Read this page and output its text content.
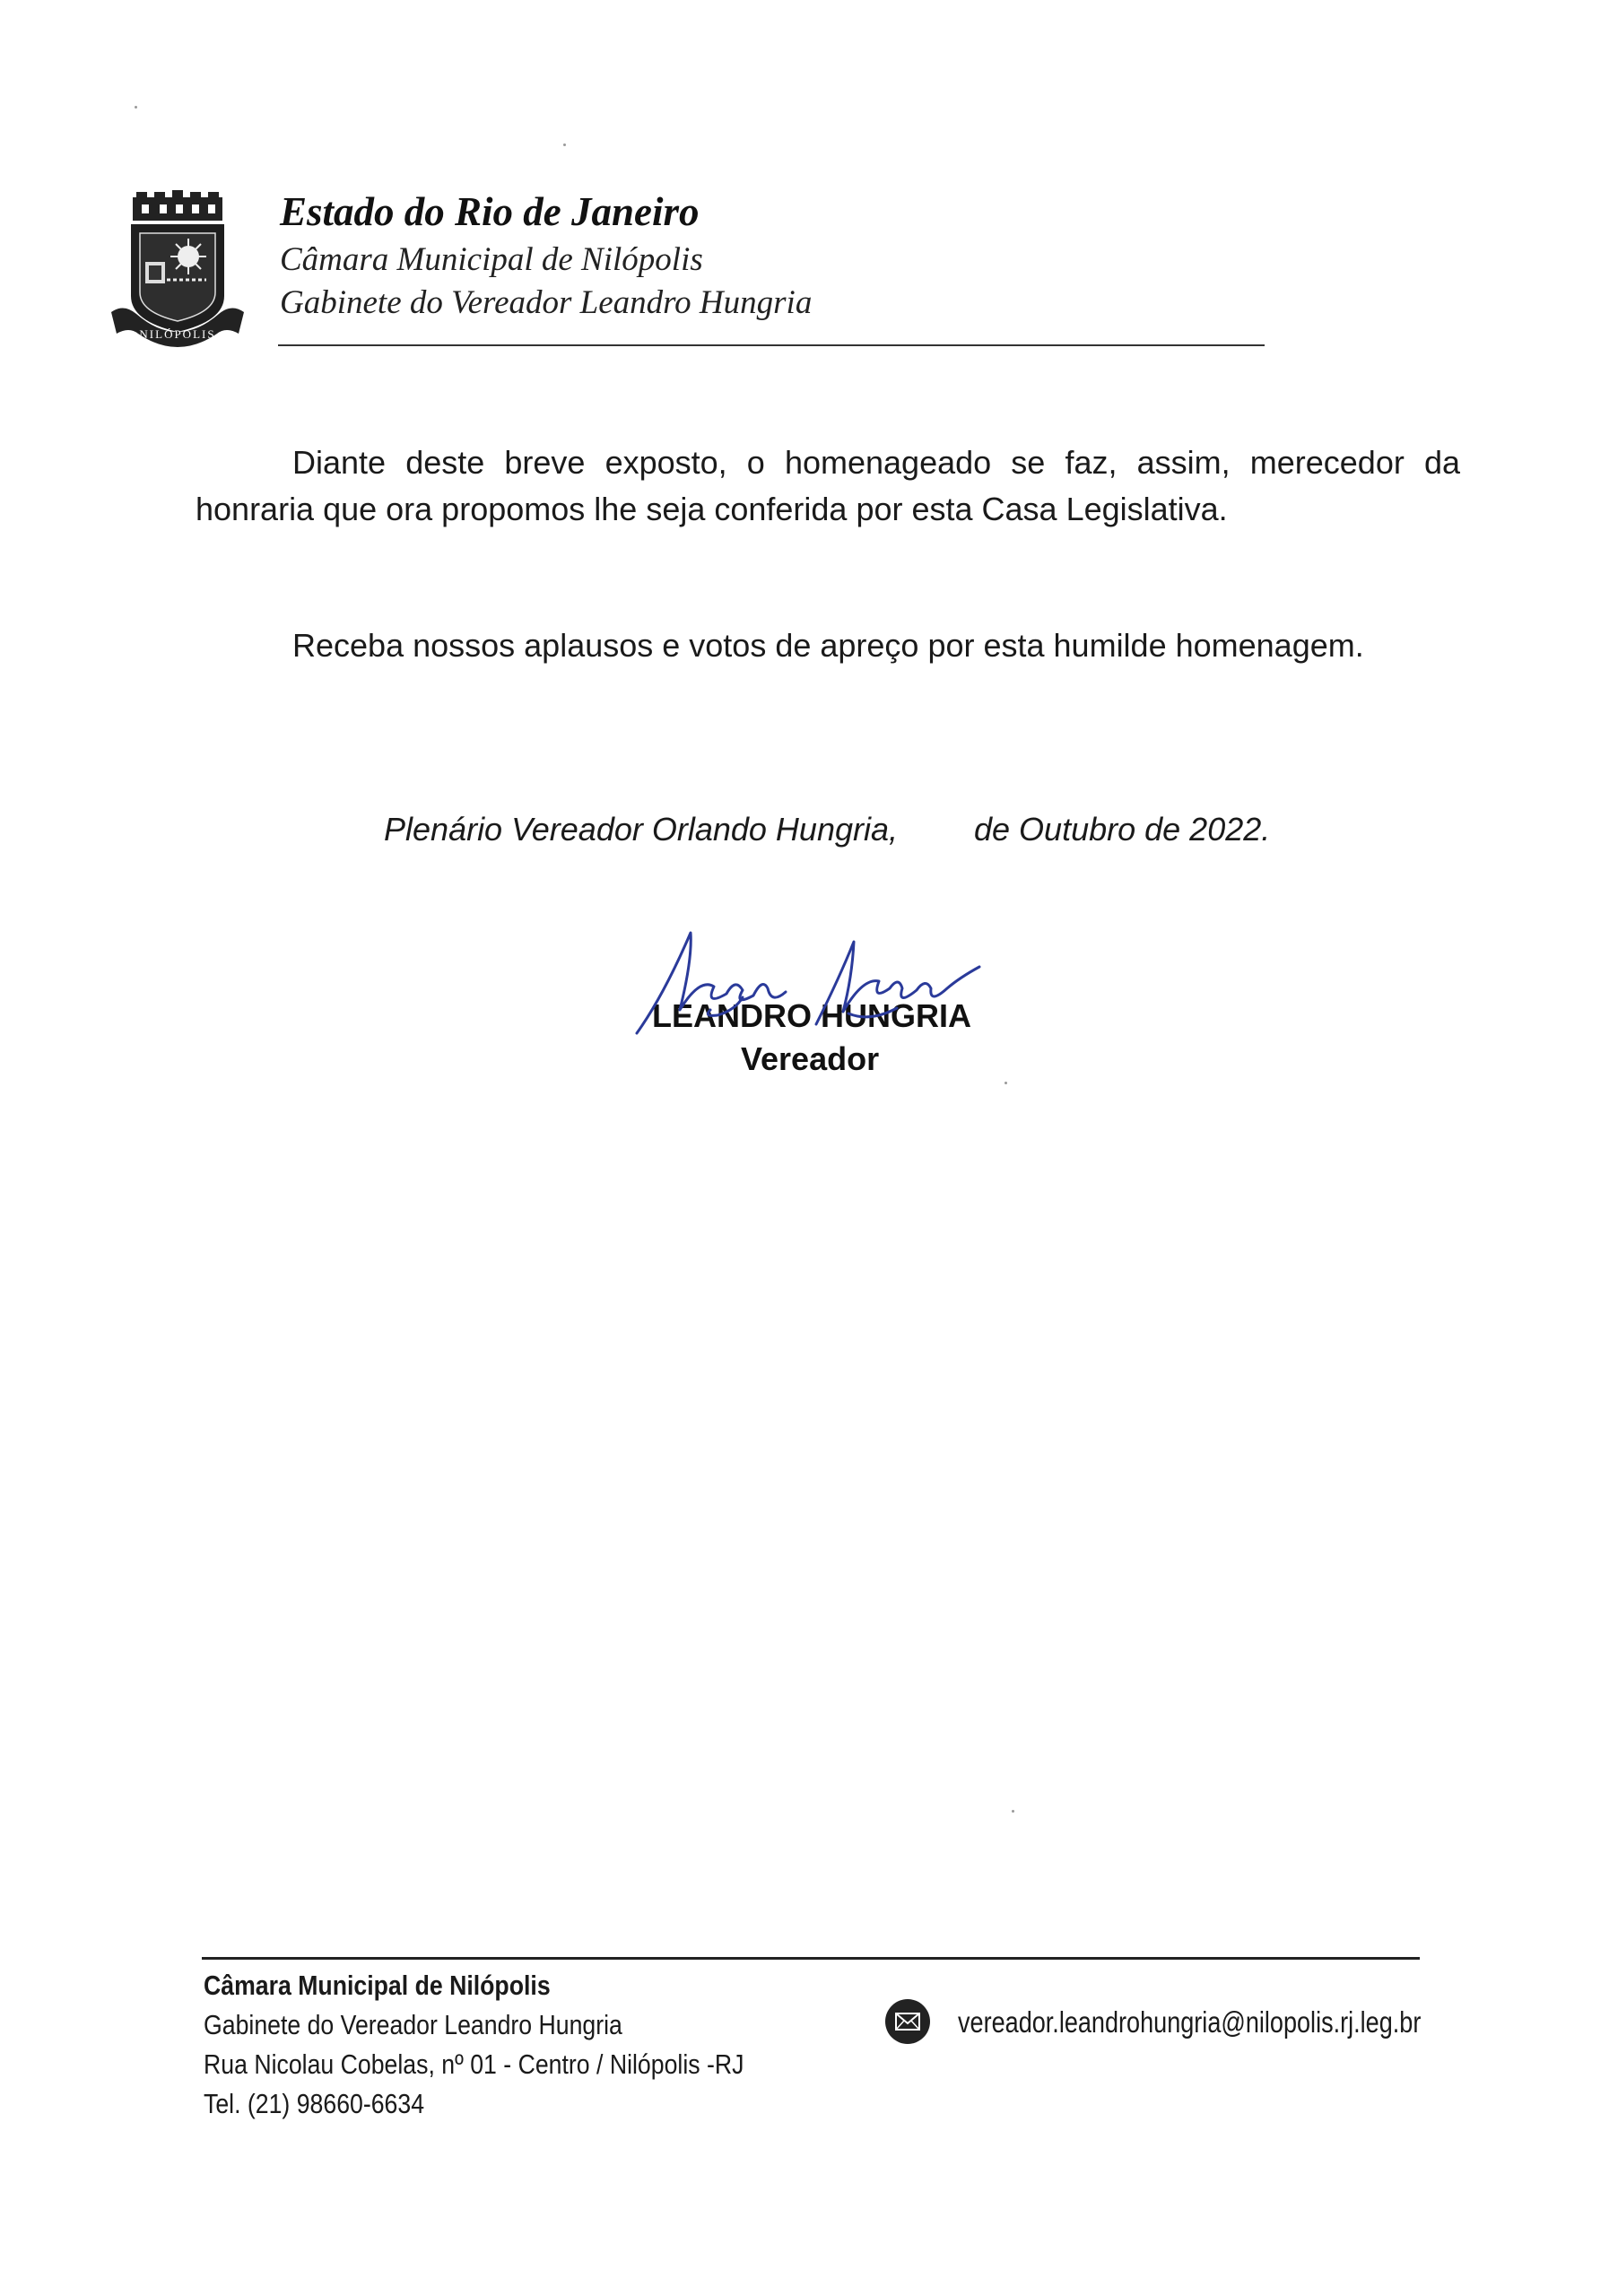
NILÓPOLIS
Estado do Rio de Janeiro
Câmara Municipal de Nilópolis
Gabinete do Vereador Leandro Hungria
Diante deste breve exposto, o homenageado se faz, assim, merecedor da honraria que ora propomos lhe seja conferida por esta Casa Legislativa.
Receba nossos aplausos e votos de apreço por esta humilde homenagem.
Plenário Vereador Orlando Hungria, de Outubro de 2022.
LEANDRO HUNGRIA
Vereador
Câmara Municipal de Nilópolis
Gabinete do Vereador Leandro Hungria
Rua Nicolau Cobelas, nº 01 - Centro / Nilópolis -RJ
Tel. (21) 98660-6634
vereador.leandrohungria@nilopolis.rj.leg.br
